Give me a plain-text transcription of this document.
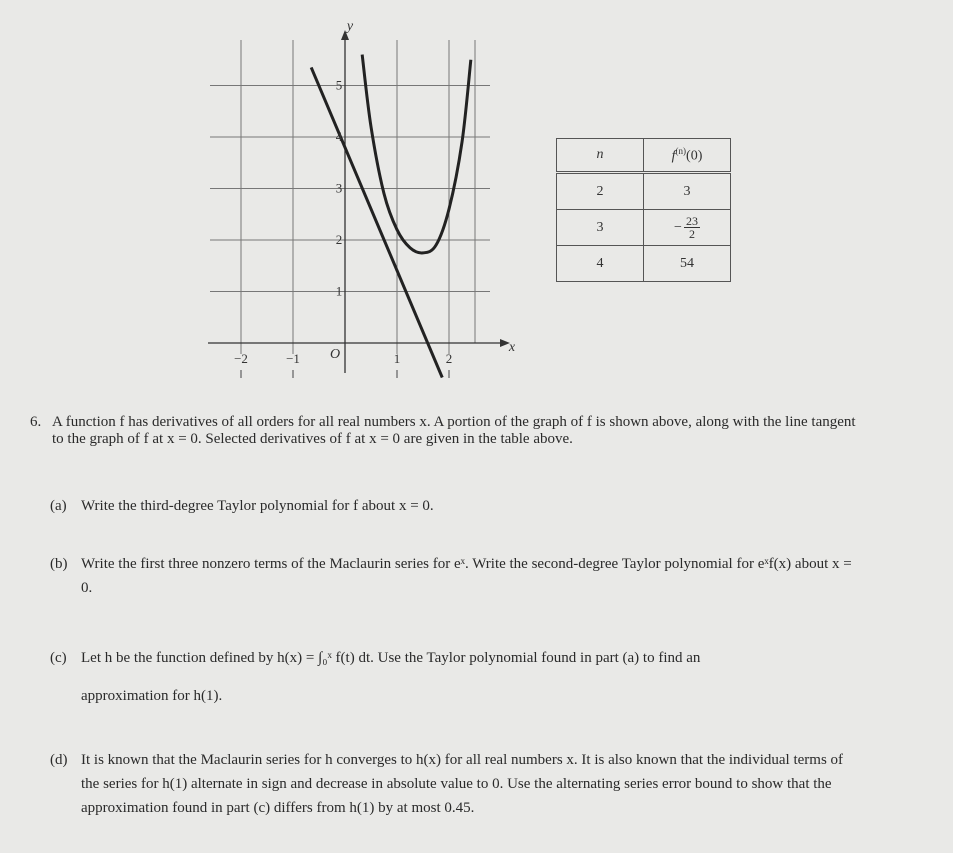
−2	−1	1	2
1
2
3
4
5
O
y
x
n	$f^{(n)}(0)$
2	3
3	− $\frac{23}{2}$

4	54
6. A function f has derivatives of all orders for all real numbers x. A portion of the graph of f is shown above, along with the line tangent to the graph of f at x = 0. Selected derivatives of f at x = 0 are given in the table above.
(a) Write the third-degree Taylor polynomial for f about x = 0.
(b) Write the first three nonzero terms of the Maclaurin series for eˣ. Write the second-degree Taylor polynomial for eˣf(x) about x = 0.
(c) Let h be the function defined by h(x) = ∫₀ˣ f(t) dt. Use the Taylor polynomial found in part (a) to find an
approximation for h(1).
(d) It is known that the Maclaurin series for h converges to h(x) for all real numbers x. It is also known that the individual terms of the series for h(1) alternate in sign and decrease in absolute value to 0. Use the alternating series error bound to show that the approximation found in part (c) differs from h(1) by at most 0.45.
